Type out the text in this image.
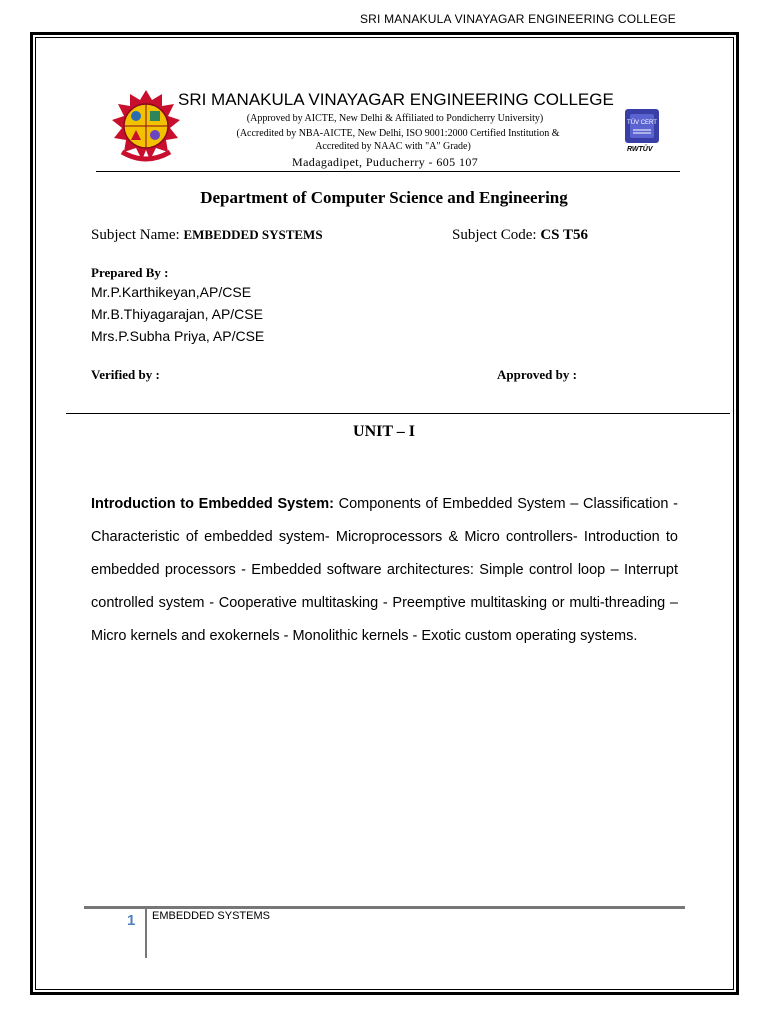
SRI MANAKULA VINAYAGAR ENGINEERING COLLEGE
SRI MANAKULA VINAYAGAR ENGINEERING COLLEGE
(Approved by AICTE, New Delhi & Affiliated to Pondicherry University)
(Accredited by NBA-AICTE, New Delhi, ISO 9001:2000 Certified Institution &
Accredited by NAAC with "A" Grade)
Madagadipet, Puducherry - 605 107
TÜV CERT
RWTÜV
Department of Computer Science and Engineering
Subject Name: EMBEDDED SYSTEMS	Subject Code: CS T56
Prepared By :
Mr.P.Karthikeyan,AP/CSE
Mr.B.Thiyagarajan, AP/CSE
Mrs.P.Subha Priya, AP/CSE
Verified by :	Approved by :
UNIT – I
Introduction to Embedded System: Components of Embedded System – Classification - Characteristic of embedded system- Microprocessors & Micro controllers- Introduction to embedded processors - Embedded software architectures: Simple control loop – Interrupt controlled system - Cooperative multitasking - Preemptive multitasking or multi-threading – Micro kernels and exokernels - Monolithic kernels - Exotic custom operating systems.
1 EMBEDDED SYSTEMS
